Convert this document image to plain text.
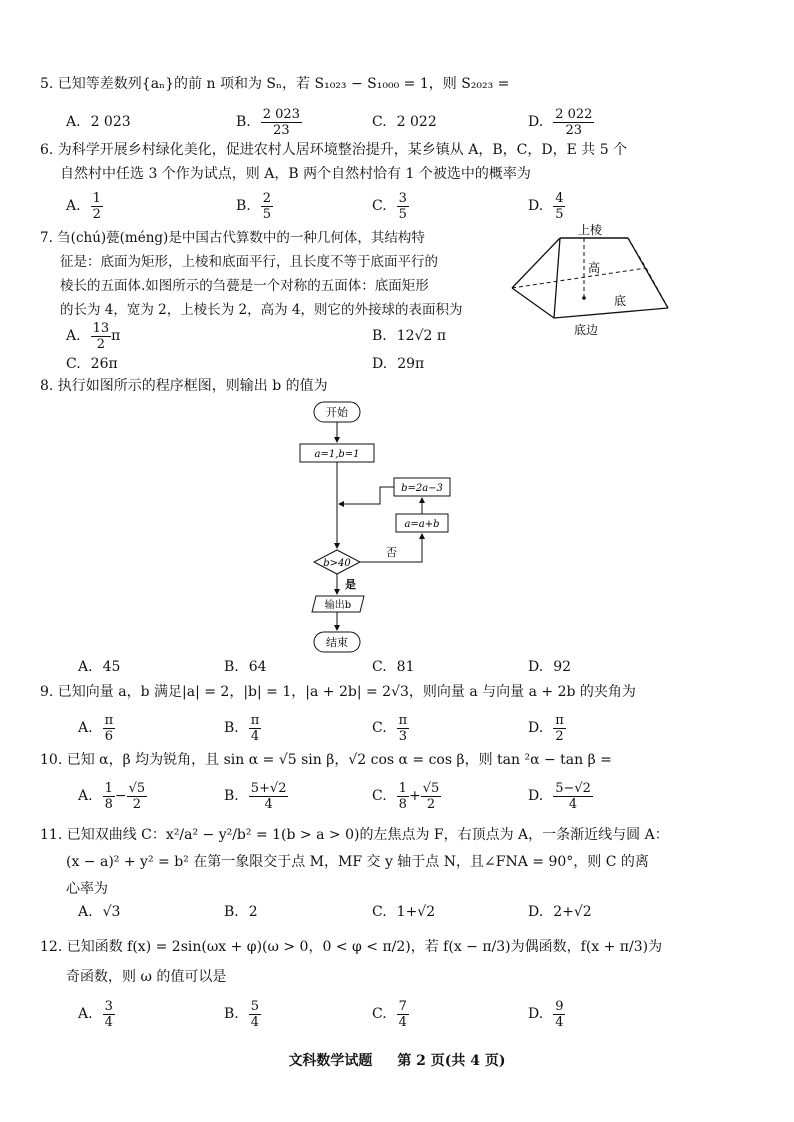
5. 已知等差数列{aₙ}的前 n 项和为 Sₙ，若 S₁₀₂₃ − S₁₀₀₀ = 1，则 S₂₀₂₃ =
A. 2 023	B. $\frac{2 023}{23}$	C. 2 022	D. $\frac{2 022}{23}$
6. 为科学开展乡村绿化美化，促进农村人居环境整治提升，某乡镇从 A，B，C，D，E 共 5 个
自然村中任选 3 个作为试点，则 A，B 两个自然村恰有 1 个被选中的概率为
A. $\frac{1}{2}$	B. $\frac{2}{5}$	C. $\frac{3}{5}$	D. $\frac{4}{5}$
7. 刍(chú)甍(méng)是中国古代算数中的一种几何体，其结构特
征是：底面为矩形，上棱和底面平行，且长度不等于底面平行的
棱长的五面体.如图所示的刍甍是一个对称的五面体：底面矩形
的长为 4，宽为 2，上棱长为 2，高为 4，则它的外接球的表面积为
上棱
高
底
底边
A. $\frac{13}{2}$ π	B. 12√2 π
C. 26π	D. 29π
8. 执行如图所示的程序框图，则输出 b 的值为
开始
a=1,b=1
b=2a−3
a=a+b
b>40
否
是
输出b
结束
A. 45	B. 64	C. 81	D. 92
9. 已知向量 a，b 满足|a| = 2，|b| = 1，|a + 2b| = 2√3，则向量 a 与向量 a + 2b 的夹角为
A. $\frac{\pi}{6}$	B. $\frac{\pi}{4}$	C. $\frac{\pi}{3}$	D. $\frac{\pi}{2}$
10. 已知 α，β 均为锐角，且 sin α = √5 sin β，√2 cos α = cos β，则 tan ²α − tan β =
A. $\frac{1}{8} - \frac{√5}{2}$	B. $\frac{5+√2}{4}$	C. $\frac{1}{8} + \frac{√5}{2}$	D. $\frac{5-√2}{4}$
11. 已知双曲线 C：x²/a² − y²/b² = 1(b > a > 0)的左焦点为 F，右顶点为 A，一条渐近线与圆 A：
(x − a)² + y² = b² 在第一象限交于点 M，MF 交 y 轴于点 N，且∠FNA = 90°，则 C 的离
心率为
A. √3	B. 2	C. 1+√2	D. 2+√2
12. 已知函数 f(x) = 2sin(ωx + φ)(ω > 0，0 < φ < π/2)，若 f(x − π/3)为偶函数，f(x + π/3)为
奇函数，则 ω 的值可以是
A. $\frac{3}{4}$	B. $\frac{5}{4}$	C. $\frac{7}{4}$	D. $\frac{9}{4}$
文科数学试题 第 2 页(共 4 页)
